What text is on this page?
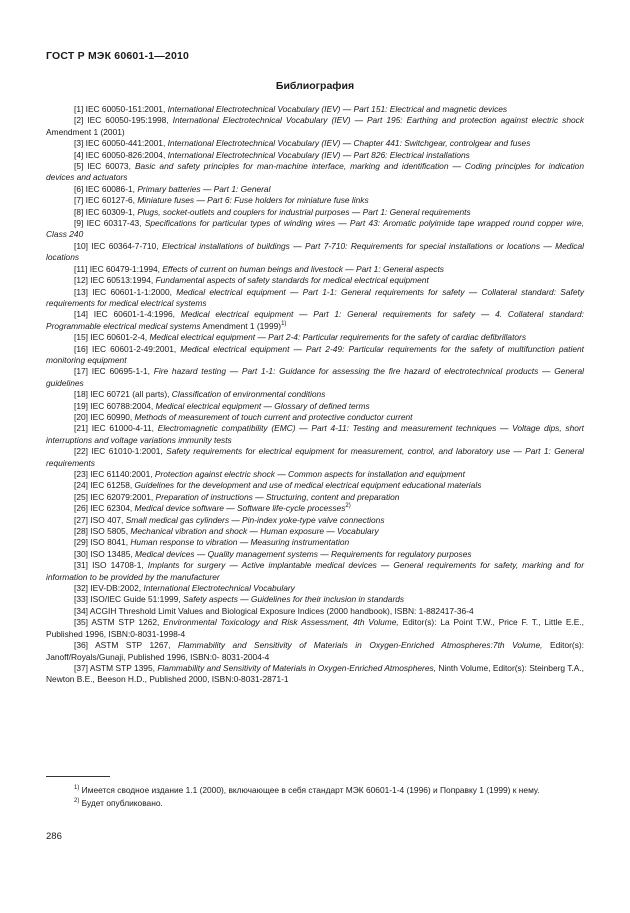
ГОСТ Р МЭК 60601-1—2010
Библиография

[1] IEC 60050-151:2001, International Electrotechnical Vocabulary (IEV) — Part 151: Electrical and magnetic devices

[2] IEC 60050-195:1998, International Electrotechnical Vocabulary (IEV) — Part 195: Earthing and protection against electric shock Amendment 1 (2001)

[3] IEC 60050-441:2001, International Electrotechnical Vocabulary (IEV) — Chapter 441: Switchgear, controlgear and fuses

[4] IEC 60050-826:2004, International Electrotechnical Vocabulary (IEV) — Part 826: Electrical installations

[5] IEC 60073, Basic and safety principles for man-machine interface, marking and identification — Coding principles for indication devices and actuators

[6] IEC 60086-1, Primary batteries — Part 1: General

[7] IEC 60127-6, Miniature fuses — Part 6: Fuse holders for miniature fuse links

[8] IEC 60309-1, Plugs, socket-outlets and couplers for industrial purposes — Part 1: General requirements

[9] IEC 60317-43, Specifications for particular types of winding wires — Part 43: Aromatic polyimide tape wrapped round copper wire, Class 240

[10] IEC 60364-7-710, Electrical installations of buildings — Part 7-710: Requirements for special installations or locations — Medical locations

[11] IEC 60479-1:1994, Effects of current on human beings and livestock — Part 1: General aspects

[12] IEC 60513:1994, Fundamental aspects of safety standards for medical electrical equipment

[13] IEC 60601-1-1:2000, Medical electrical equipment — Part 1-1: General requirements for safety — Collateral standard: Safety requirements for medical electrical systems

[14] IEC 60601-1-4:1996, Medical electrical equipment — Part 1: General requirements for safety — 4. Collateral standard: Programmable electrical medical systems Amendment 1 $(1999)^{1)}$

[15] IEC 60601-2-4, Medical electrical equipment — Part 2-4: Particular requirements for the safety of cardiac defibrillators

[16] IEC 60601-2-49:2001, Medical electrical equipment — Part 2-49: Particular requirements for the safety of multifunction patient monitoring equipment

[17] IEC 60695-1-1, Fire hazard testing — Part 1-1: Guidance for assessing the fire hazard of electrotechnical products — General guidelines

[18] IEC 60721 (all parts), Classification of environmental conditions

[19] IEC 60788:2004, Medical electrical equipment — Glossary of defined terms

[20] IEC 60990, Methods of measurement of touch current and protective conductor current

[21] IEC 61000-4-11, Electromagnetic compatibility (EMC) — Part 4-11: Testing and measurement techniques — Voltage dips, short interruptions and voltage variations immunity tests

[22] IEC 61010-1:2001, Safety requirements for electrical equipment for measurement, control, and laboratory use — Part 1: General requirements

[23] IEC 61140:2001, Protection against electric shock — Common aspects for installation and equipment

[24] IEC 61258, Guidelines for the development and use of medical electrical equipment educational materials

[25] IEC 62079:2001, Preparation of instructions — Structuring, content and preparation

[26] IEC 62304, Medical device software — Software life-cycle processes$^{2)}$

[27] ISO 407, Small medical gas cylinders — Pin-index yoke-type valve connections

[28] ISO 5805, Mechanical vibration and shock — Human exposure — Vocabulary

[29] ISO 8041, Human response to vibration — Measuring instrumentation

[30] ISO 13485, Medical devices — Quality management systems — Requirements for regulatory purposes

[31] ISO 14708-1, Implants for surgery — Active implantable medical devices — General requirements for safety, marking and for information to be provided by the manufacturer

[32] IEV-DB:2002, International Electrotechnical Vocabulary

[33] ISO/IEC Guide 51:1999, Safety aspects — Guidelines for their inclusion in standards

[34] ACGIH Threshold Limit Values and Biological Exposure Indices (2000 handbook), ISBN: 1-882417-36-4

[35] ASTM STP 1262, Environmental Toxicology and Risk Assessment, 4th Volume, Editor(s): La Point T.W., Price F. T., Little E.E., Published 1996, ISBN:0-8031-1998-4

[36] ASTM STP 1267, Flammability and Sensitivity of Materials in Oxygen-Enriched Atmospheres:7th Volume, Editor(s): Janoff/Royals/Gunaji, Published 1996, ISBN:0- 8031-2004-4

[37] ASTM STP 1395, Flammability and Sensitivity of Materials in Oxygen-Enriched Atmospheres, Ninth Volume, Editor(s): Steinberg T.A., Newton B.E., Beeson H.D., Published 2000, ISBN:0-8031-2871-1

$^{1)}$ Имеется сводное издание 1.1 (2000), включающее в себя стандарт МЭК 60601-1-4 (1996) и Поправку 1 (1999) к нему.

$^{2)}$ Будет опубликовано.

286
